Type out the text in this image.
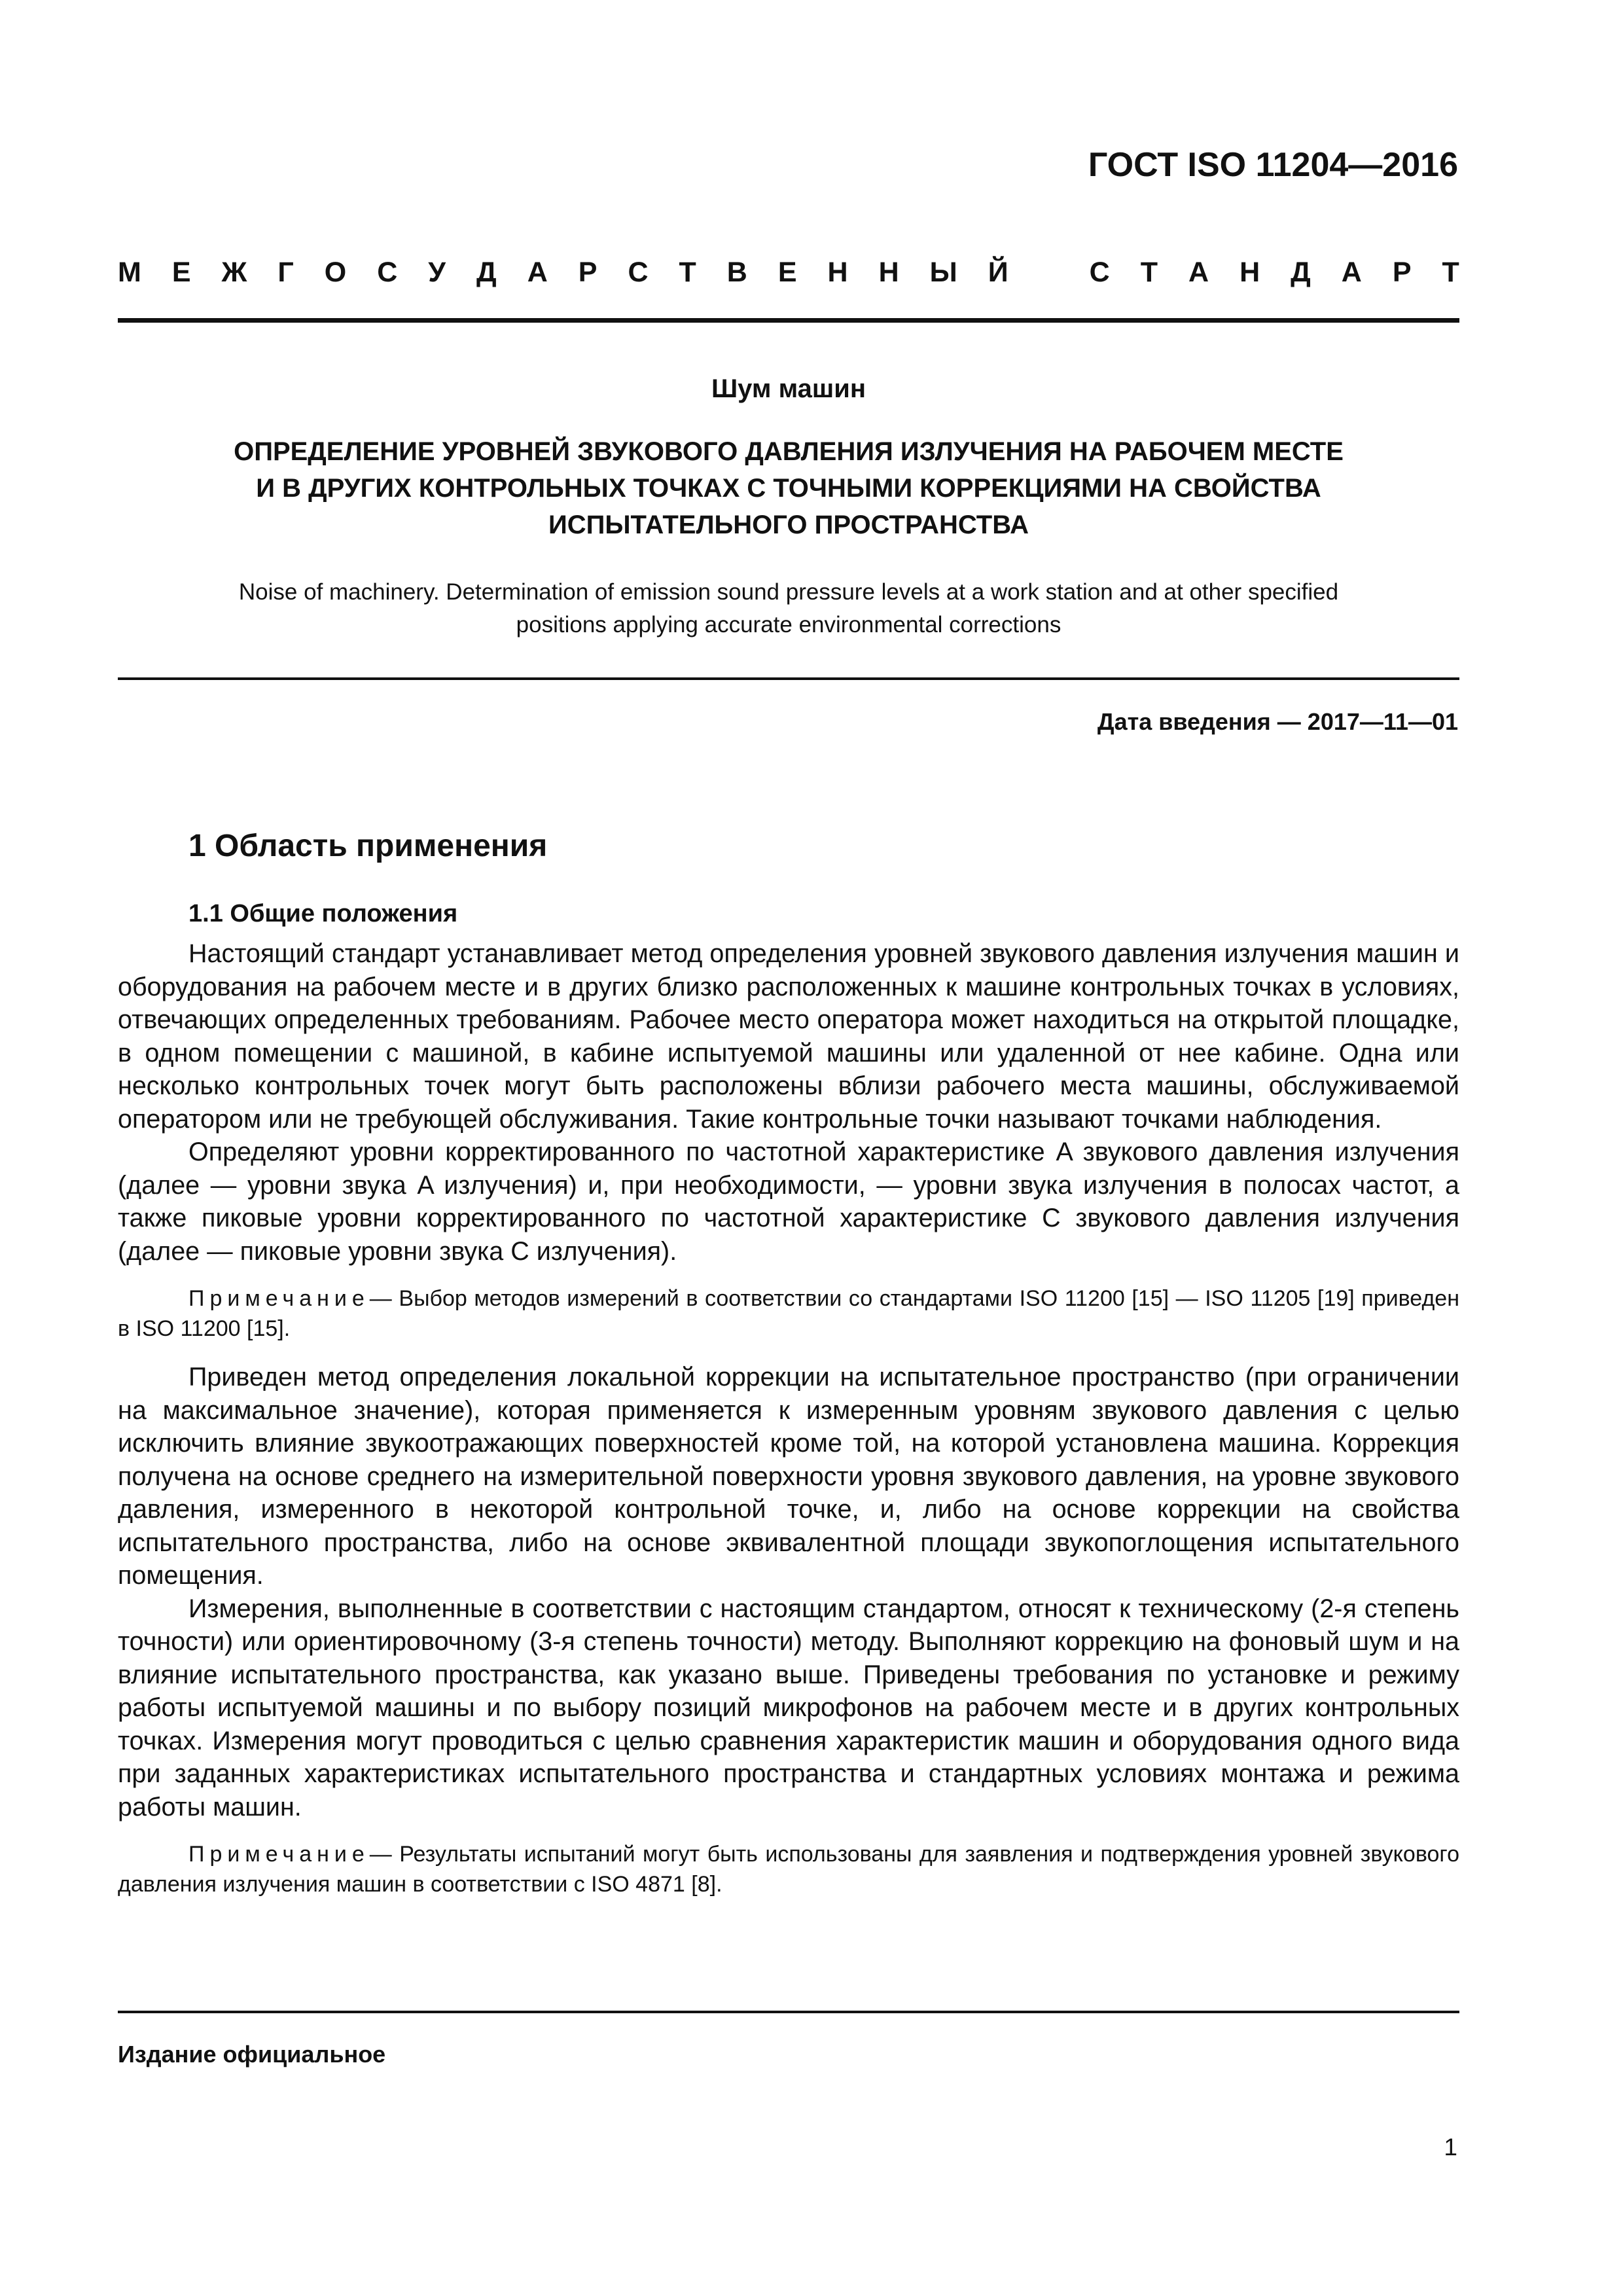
ГОСТ ISO 11204—2016
М Е Ж Г О С У Д А Р С Т В Е Н Н Ы Й	С Т А Н Д А Р Т
Шум машин
ОПРЕДЕЛЕНИЕ УРОВНЕЙ ЗВУКОВОГО ДАВЛЕНИЯ ИЗЛУЧЕНИЯ НА РАБОЧЕМ МЕСТЕ
И В ДРУГИХ КОНТРОЛЬНЫХ ТОЧКАХ С ТОЧНЫМИ КОРРЕКЦИЯМИ НА СВОЙСТВА
ИСПЫТАТЕЛЬНОГО ПРОСТРАНСТВА
Noise of machinery. Determination of emission sound pressure levels at a work station and at other specified
positions applying accurate environmental corrections
Дата введения — 2017—11—01
1 Область применения
1.1 Общие положения

Настоящий стандарт устанавливает метод определения уровней звукового давления излучения машин и оборудования на рабочем месте и в других близко расположенных к машине контрольных точках в условиях, отвечающих определенных требованиям. Рабочее место оператора может находиться на открытой площадке, в одном помещении с машиной, в кабине испытуемой машины или удаленной от нее кабине. Одна или несколько контрольных точек могут быть расположены вблизи рабочего места машины, обслуживаемой оператором или не требующей обслуживания. Такие контрольные точки называют точками наблюдения.

Определяют уровни корректированного по частотной характеристике A звукового давления излучения (далее — уровни звука A излучения) и, при необходимости, — уровни звука излучения в полосах частот, а также пиковые уровни корректированного по частотной характеристике C звукового давления излучения (далее — пиковые уровни звука C излучения).

Примечание— Выбор методов измерений в соответствии со стандартами ISO 11200 [15] — ISO 11205 [19] приведен в ISO 11200 [15].

Приведен метод определения локальной коррекции на испытательное пространство (при ограничении на максимальное значение), которая применяется к измеренным уровням звукового давления с целью исключить влияние звукоотражающих поверхностей кроме той, на которой установлена машина. Коррекция получена на основе среднего на измерительной поверхности уровня звукового давления, на уровне звукового давления, измеренного в некоторой контрольной точке, и, либо на основе коррекции на свойства испытательного пространства, либо на основе эквивалентной площади звукопоглощения испытательного помещения.

Измерения, выполненные в соответствии с настоящим стандартом, относят к техническому (2-я степень точности) или ориентировочному (3-я степень точности) методу. Выполняют коррекцию на фоновый шум и на влияние испытательного пространства, как указано выше. Приведены требования по установке и режиму работы испытуемой машины и по выбору позиций микрофонов на рабочем месте и в других контрольных точках. Измерения могут проводиться с целью сравнения характеристик машин и оборудования одного вида при заданных характеристиках испытательного пространства и стандартных условиях монтажа и режима работы машин.

Примечание— Результаты испытаний могут быть использованы для заявления и подтверждения уровней звукового давления излучения машин в соответствии с ISO 4871 [8].

Издание официальное
1
